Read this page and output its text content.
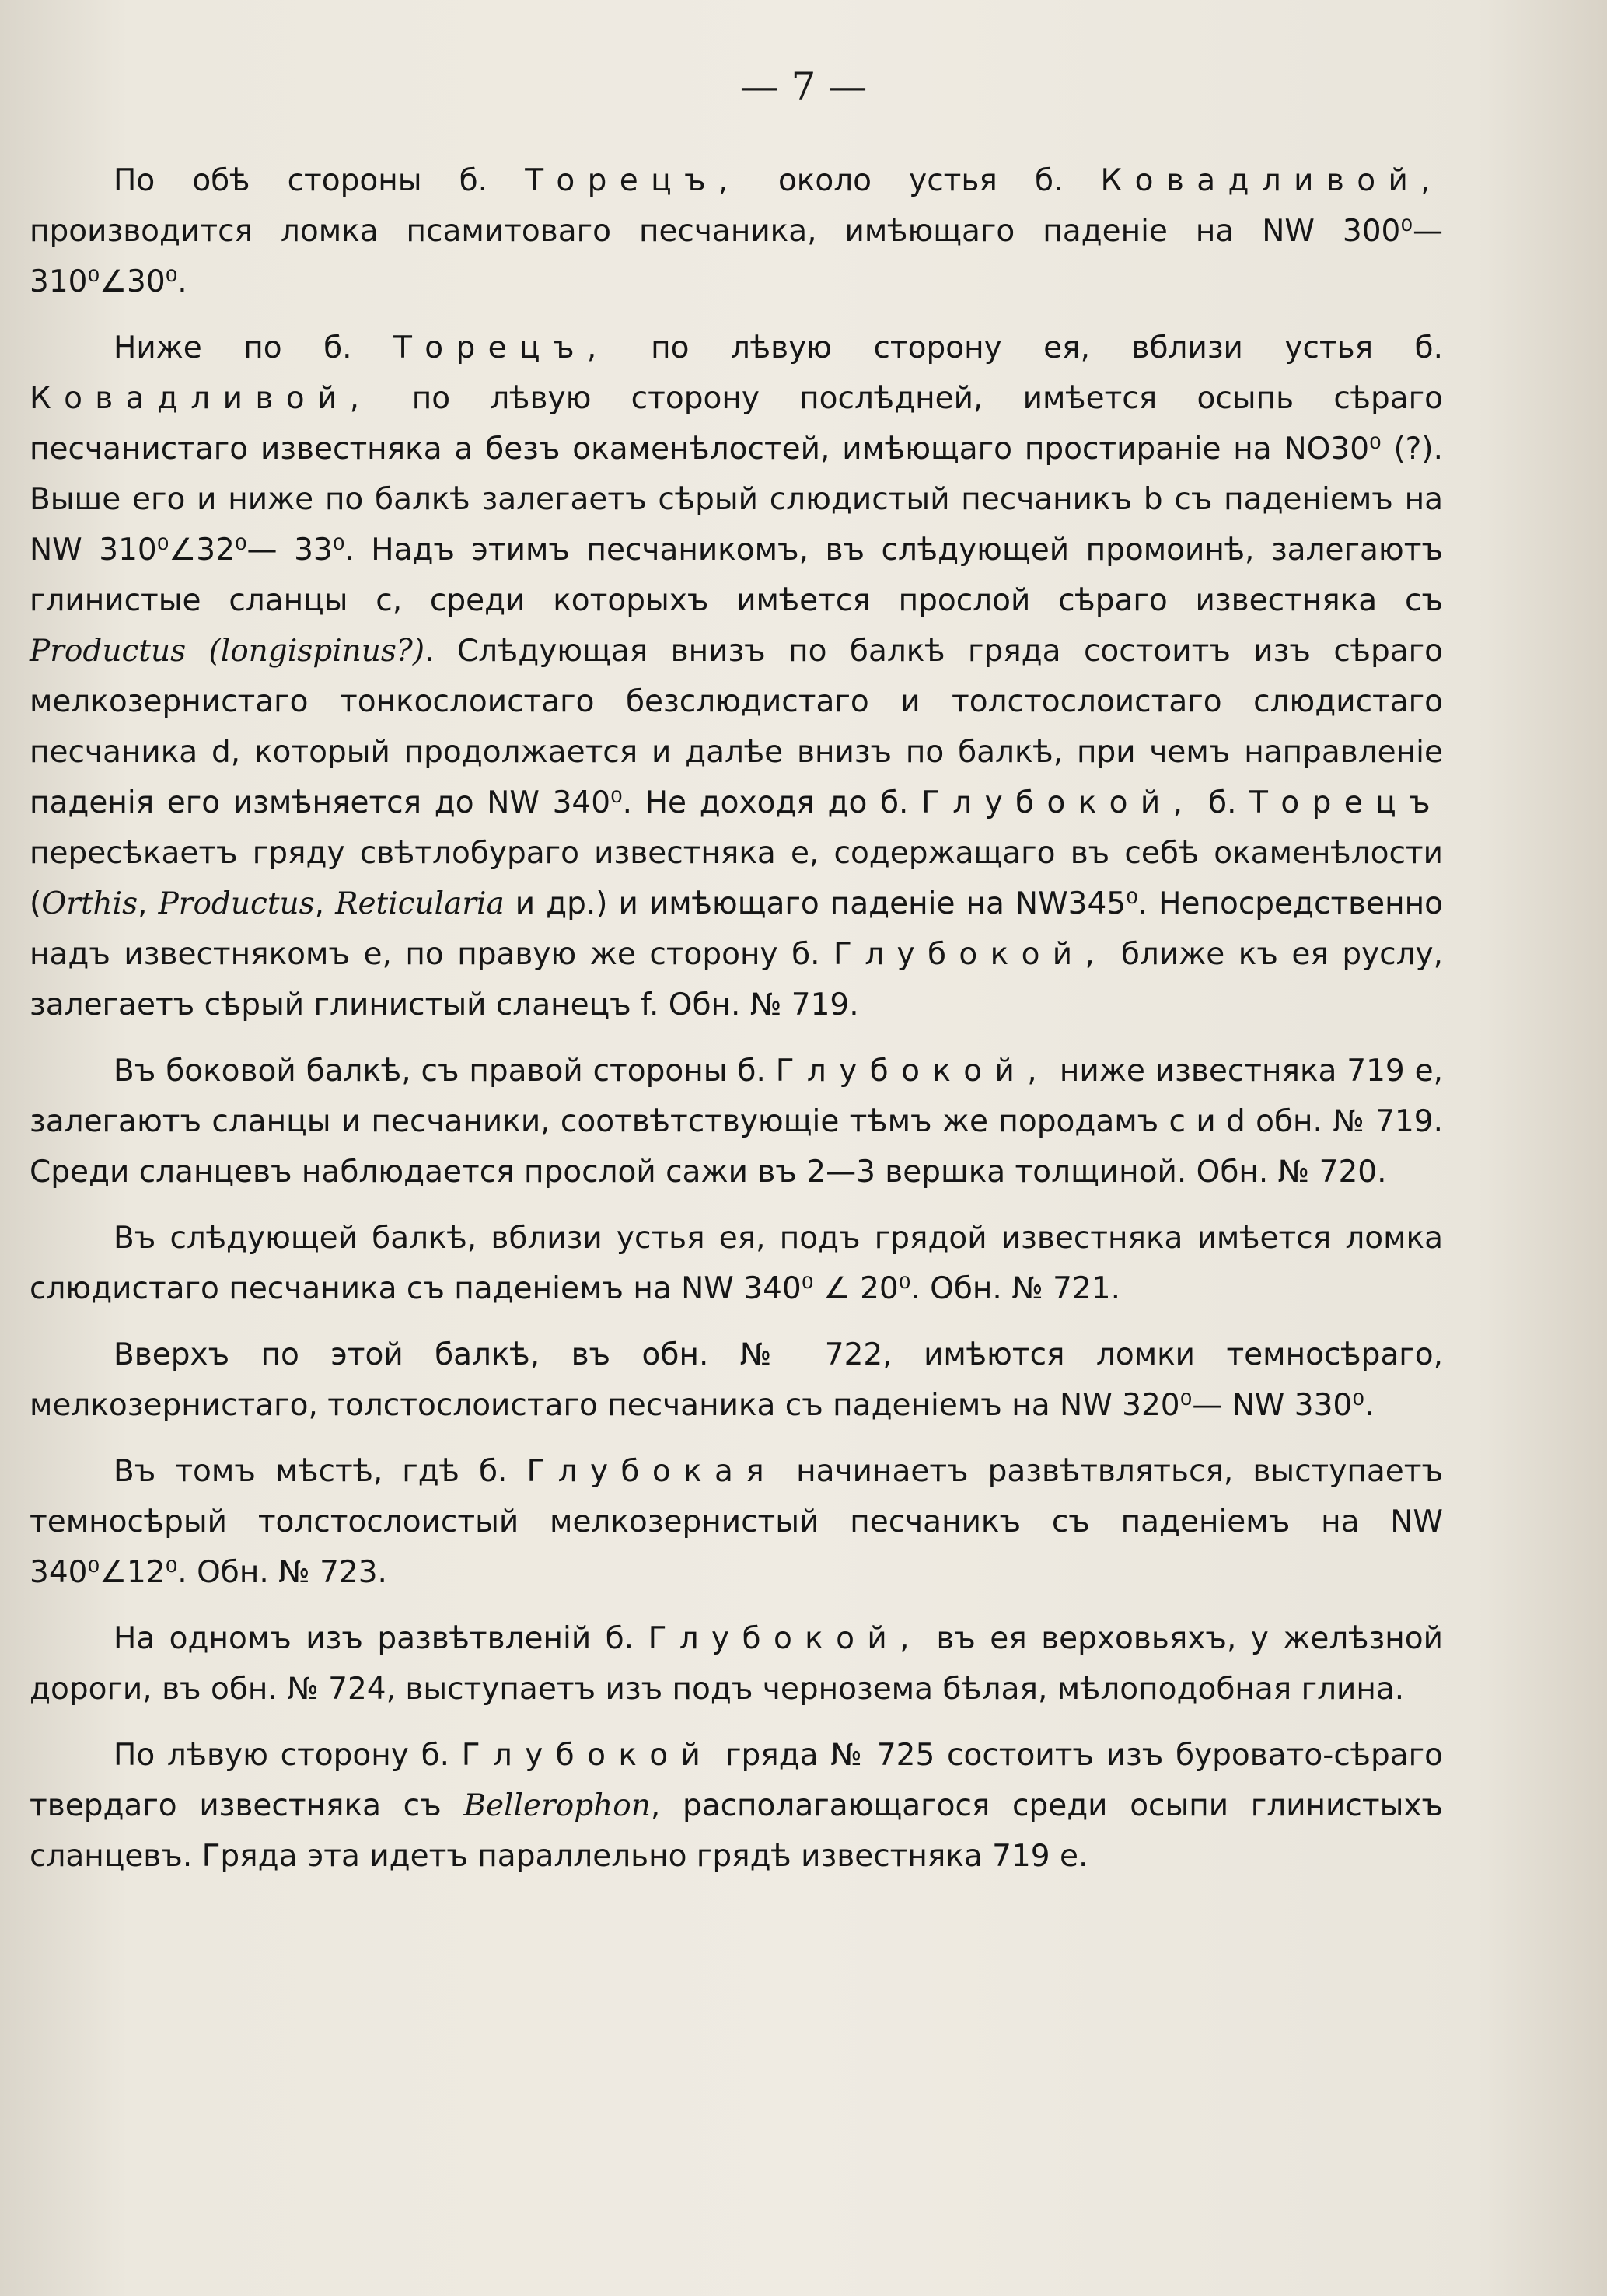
— 7 —

По обѣ стороны б. Торецъ, около устья б. Ковадливой, производится ломка псамитоваго песчаника, имѣющаго паденіе на NW 300⁰—310⁰∠30⁰.

Ниже по б. Торецъ, по лѣвую сторону ея, вблизи устья б. Ковадливой, по лѣвую сторону послѣдней, имѣется осыпь сѣраго песчанистаго известняка a безъ окаменѣлостей, имѣющаго простираніе на NO30⁰ (?). Выше его и ниже по балкѣ залегаетъ сѣрый слюдистый песчаникъ b съ паденіемъ на NW 310⁰∠32⁰— 33⁰. Надъ этимъ песчаникомъ, въ слѣдующей промоинѣ, залегаютъ глинистые сланцы c, среди которыхъ имѣется прослой сѣраго известняка съ Productus (longispinus?). Слѣдующая внизъ по балкѣ гряда состоитъ изъ сѣраго мелкозернистаго тонкослоистаго безслюдистаго и толстослоистаго слюдистаго песчаника d, который продолжается и далѣе внизъ по балкѣ, при чемъ направленіе паденія его измѣняется до NW 340⁰. Не доходя до б. Глубокой, б. Торецъ пересѣкаетъ гряду свѣтлобураго известняка e, содержащаго въ себѣ окаменѣлости (Orthis, Productus, Reticularia и др.) и имѣющаго паденіе на NW345⁰. Непосредственно надъ известнякомъ e, по правую же сторону б. Глубокой, ближе къ ея руслу, залегаетъ сѣрый глинистый сланецъ f. Обн. № 719.

Въ боковой балкѣ, съ правой стороны б. Глубокой, ниже известняка 719 e, залегаютъ сланцы и песчаники, соотвѣтствующіе тѣмъ же породамъ c и d обн. № 719. Среди сланцевъ наблюдается прослой сажи въ 2—3 вершка толщиной. Обн. № 720.

Въ слѣдующей балкѣ, вблизи устья ея, подъ грядой известняка имѣется ломка слюдистаго песчаника съ паденіемъ на NW 340⁰ ∠ 20⁰. Обн. № 721.

Вверхъ по этой балкѣ, въ обн. № 722, имѣются ломки темносѣраго, мелкозернистаго, толстослоистаго песчаника съ паденіемъ на NW 320⁰— NW 330⁰.

Въ томъ мѣстѣ, гдѣ б. Глубокая начинаетъ развѣтвляться, выступаетъ темносѣрый толстослоистый мелкозернистый песчаникъ съ паденіемъ на NW 340⁰∠12⁰. Обн. № 723.

На одномъ изъ развѣтвленій б. Глубокой, въ ея верховьяхъ, у желѣзной дороги, въ обн. № 724, выступаетъ изъ подъ чернозема бѣлая, мѣлоподобная глина.

По лѣвую сторону б. Глубокой гряда № 725 состоитъ изъ буровато-сѣраго твердаго известняка съ Bellerophon, располагающагося среди осыпи глинистыхъ сланцевъ. Гряда эта идетъ параллельно грядѣ известняка 719 e.
